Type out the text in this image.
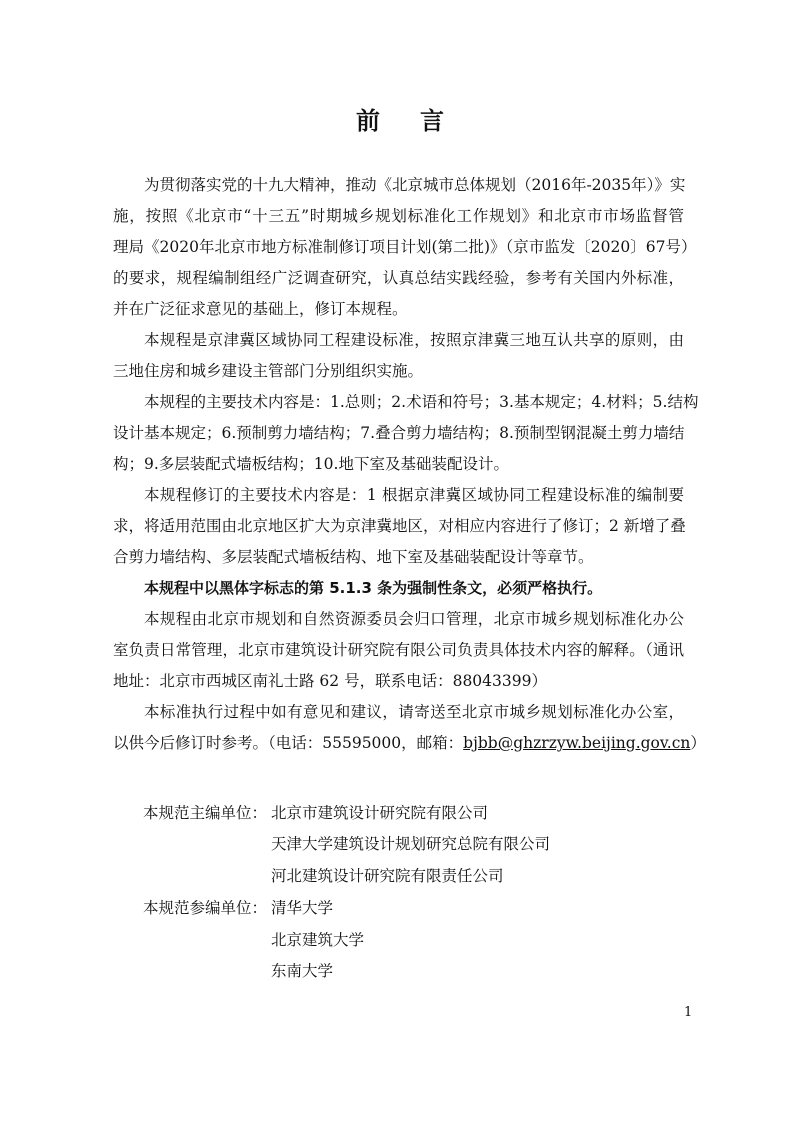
前言
为贯彻落实党的十九大精神，推动《北京城市总体规划（2016年-2035年）》实
施，按照《北京市“十三五”时期城乡规划标准化工作规划》和北京市市场监督管
理局《2020年北京市地方标准制修订项目计划(第二批)》（京市监发〔2020〕67号）
的要求，规程编制组经广泛调查研究，认真总结实践经验，参考有关国内外标准，
并在广泛征求意见的基础上，修订本规程。
本规程是京津冀区域协同工程建设标准，按照京津冀三地互认共享的原则，由
三地住房和城乡建设主管部门分别组织实施。
本规程的主要技术内容是：1.总则；2.术语和符号；3.基本规定；4.材料；5.结构
设计基本规定；6.预制剪力墙结构；7.叠合剪力墙结构；8.预制型钢混凝土剪力墙结
构；9.多层装配式墙板结构；10.地下室及基础装配设计。
本规程修订的主要技术内容是：1 根据京津冀区域协同工程建设标准的编制要
求，将适用范围由北京地区扩大为京津冀地区，对相应内容进行了修订；2 新增了叠
合剪力墙结构、多层装配式墙板结构、地下室及基础装配设计等章节。
本规程中以黑体字标志的第 5.1.3 条为强制性条文，必须严格执行。
本规程由北京市规划和自然资源委员会归口管理，北京市城乡规划标准化办公
室负责日常管理，北京市建筑设计研究院有限公司负责具体技术内容的解释。（通讯
地址：北京市西城区南礼士路 62 号，联系电话：88043399）
本标准执行过程中如有意见和建议，请寄送至北京市城乡规划标准化办公室，
以供今后修订时参考。（电话：55595000，邮箱：bjbb@ghzrzyw.beijing.gov.cn）
本规范主编单位： 北京市建筑设计研究院有限公司
天津大学建筑设计规划研究总院有限公司
河北建筑设计研究院有限责任公司
本规范参编单位： 清华大学
北京建筑大学
东南大学
1
